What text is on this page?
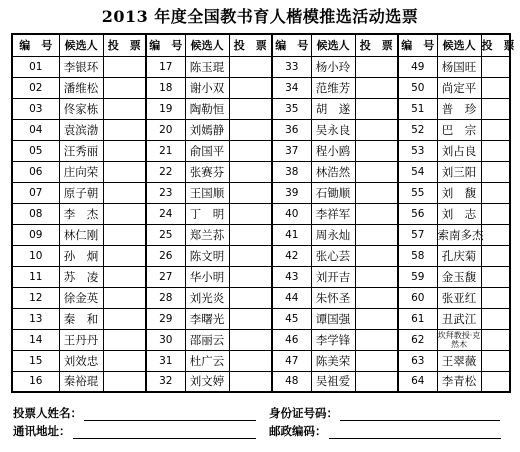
2013 年度全国教书育人楷模推选活动选票
编　号	候选人	投　票	编　号	候选人	投　票	编　号	候选人	投　票	编　号	候选人	投　票
01	李银环		17	陈玉琨		33	杨小玲		49	杨国旺	
02	潘维松		18	谢小双		34	范维芳		50	尚定平	
03	佟家栋		19	陶勒恒		35	胡　遂		51	普　珍	
04	袁滨渤		20	刘嫣静		36	吴永良		52	巴　宗	
05	汪秀丽		21	俞国平		37	程小鸥		53	刘占良	
06	庄向荣		22	张赛芬		38	林浩然		54	刘三阳	
07	原子朝		23	王国顺		39	石锄顺		55	刘　馥	
08	李　杰		24	丁　明		40	李祥军		56	刘　志	
09	林仁刚		25	郑兰荪		41	周永灿		57	索南多杰	
10	孙　炯		26	陈文明		42	张心芸		58	孔庆菊	
11	苏　凌		27	华小明		43	刘开吉		59	金玉馥	
12	徐金英		28	刘光炎		44	朱怀圣		60	张亚红	
13	秦　和		29	李曙光		45	谭国强		61	丑武江	
14	王丹丹		30	邵丽云		46	李学锋		62	坎拜教授·克然木	
15	刘效忠		31	杜广云		47	陈美荣		63	王翠薇	
16	秦裕琨		32	刘文婷		48	吴祖爱		64	李青松	
投票人姓名：	身份证号码：
通讯地址：	邮政编码：
